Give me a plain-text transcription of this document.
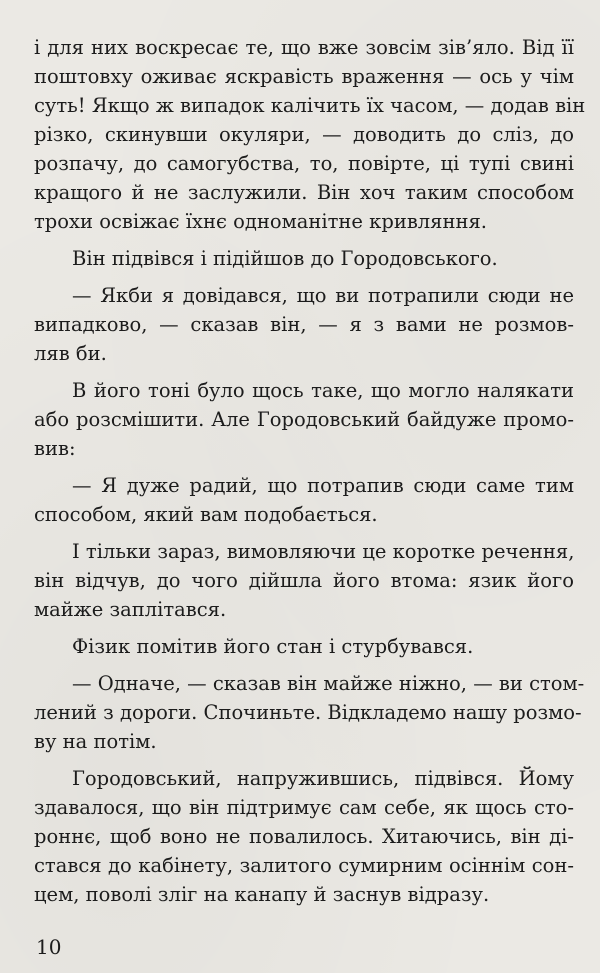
і для них воскресає те, що вже зовсім зів’яло. Від її
поштовху оживає яскравість враження — ось у чім
суть! Якщо ж випадок калічить їх часом, — додав він
різко, скинувши окуляри, — доводить до сліз, до
розпачу, до самогубства, то, повірте, ці тупі свині
кращого й не заслужили. Він хоч таким способом
трохи освіжає їхнє одноманітне кривляння.

Він підвівся і підійшов до Городовського.

— Якби я довідався, що ви потрапили сюди не
випадково, — сказав він, — я з вами не розмов-
ляв би.

В його тоні було щось таке, що могло налякати
або розсмішити. Але Городовський байдуже промо-
вив:

— Я дуже радий, що потрапив сюди саме тим
способом, який вам подобається.

І тільки зараз, вимовляючи це коротке речення,
він відчув, до чого дійшла його втома: язик його
майже заплітався.

Фізик помітив його стан і стурбувався.

— Одначе, — сказав він майже ніжно, — ви стом-
лений з дороги. Спочиньте. Відкладемо нашу розмо-
ву на потім.

Городовський, напружившись, підвівся. Йому
здавалося, що він підтримує сам себе, як щось сто-
роннє, щоб воно не повалилось. Хитаючись, він ді-
стався до кабінету, залитого сумирним осіннім сон-
цем, поволі зліг на канапу й заснув відразу.

10
